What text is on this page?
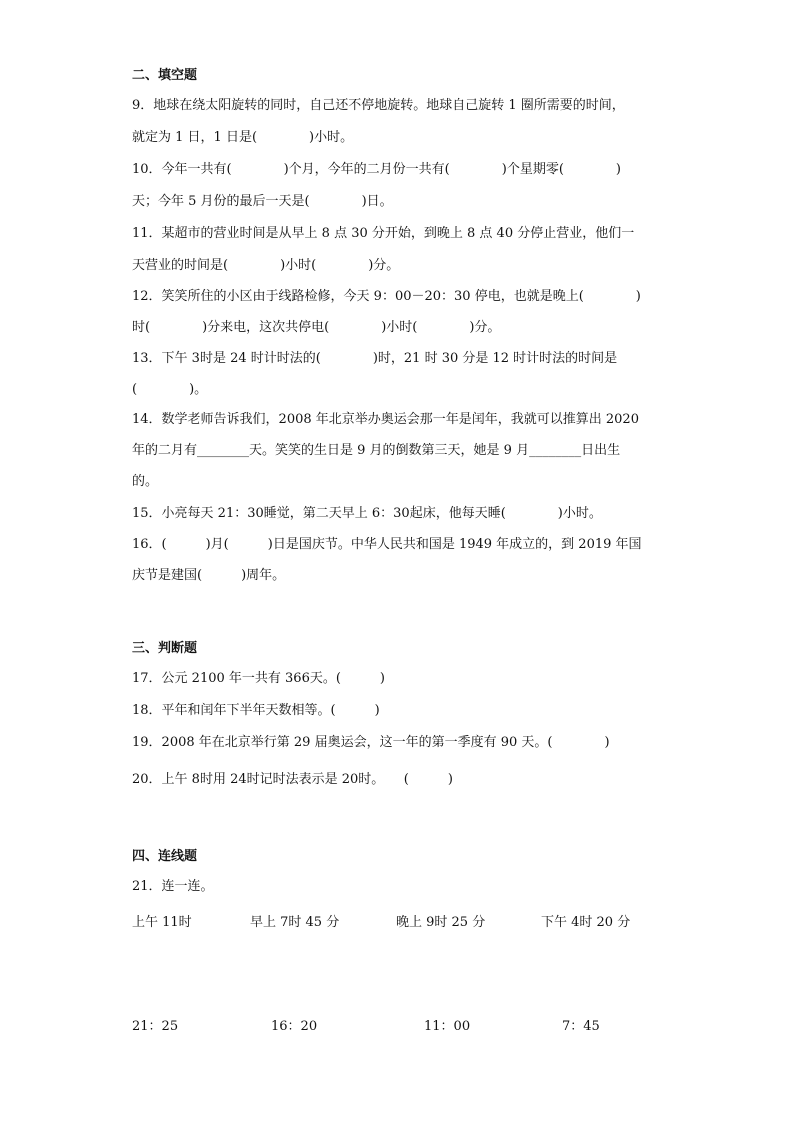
二、填空题
9．地球在绕太阳旋转的同时，自己还不停地旋转。地球自己旋转 1 圈所需要的时间，
就定为 1 日，1 日是(　　　　)小时。
10．今年一共有(　　　　)个月，今年的二月份一共有(　　　　)个星期零(　　　　)
天；今年 5 月份的最后一天是(　　　　)日。
11．某超市的营业时间是从早上 8 点 30 分开始，到晚上 8 点 40 分停止营业，他们一
天营业的时间是(　　　　)小时(　　　　)分。
12．笑笑所住的小区由于线路检修，今天 9：00－20：30 停电，也就是晚上(　　　　)
时(　　　　)分来电，这次共停电(　　　　)小时(　　　　)分。
13．下午 3时是 24 时计时法的(　　　　)时，21 时 30 分是 12 时计时法的时间是
(　　　　)。
14．数学老师告诉我们，2008 年北京举办奥运会那一年是闰年，我就可以推算出 2020
年的二月有________天。笑笑的生日是 9 月的倒数第三天，她是 9 月________日出生
的。
15．小亮每天 21：30睡觉，第二天早上 6：30起床，他每天睡(　　　　)小时。
16．(　　　)月(　　　)日是国庆节。中华人民共和国是 1949 年成立的，到 2019 年国
庆节是建国(　　　)周年。
三、判断题
17．公元 2100 年一共有 366天。(　　　)
18．平年和闰年下半年天数相等。(　　　)
19．2008 年在北京举行第 29 届奥运会，这一年的第一季度有 90 天。(　　　　)
20．上午 8时用 24时记时法表示是 20时。　　(　　　)
四、连线题
21．连一连。
上午 11时	早上 7时 45 分	晚上 9时 25 分	下午 4时 20 分
21：25	16：20	11：00	7：45
